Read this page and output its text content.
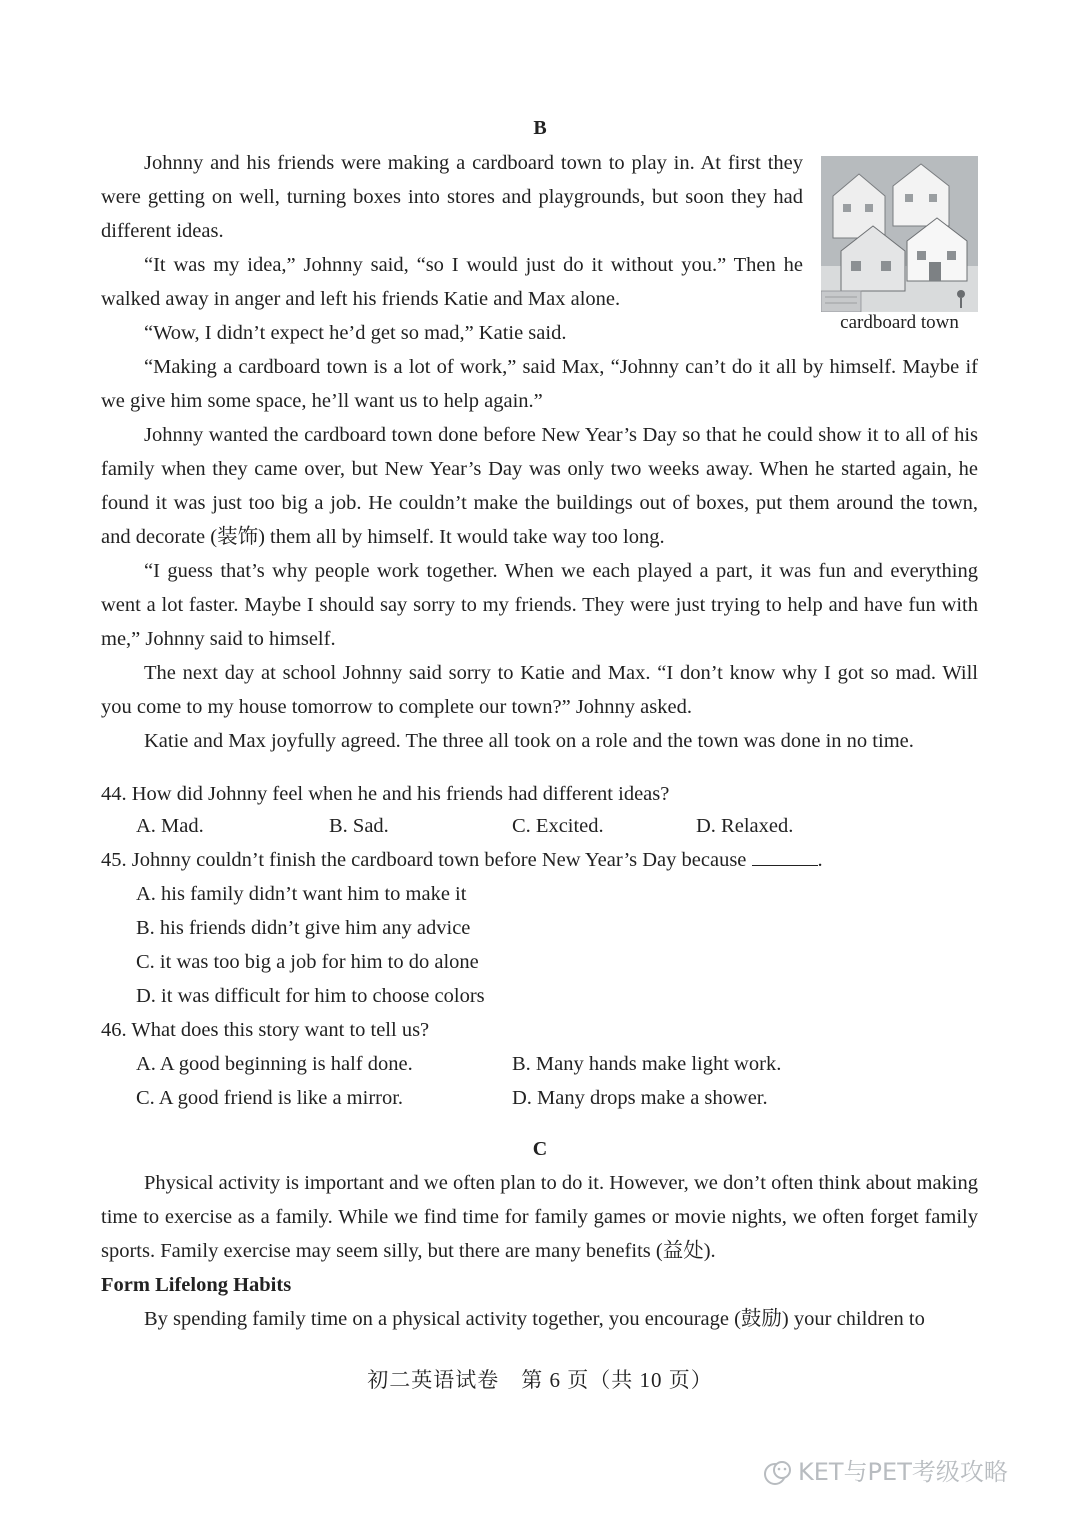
B

Johnny and his friends were making a cardboard town to play in. At first they were getting on well, turning boxes into stores and playgrounds, but soon they had different ideas.

“It was my idea,” Johnny said, “so I would just do it without you.” Then he walked away in anger and left his friends Katie and Max alone.

“Wow, I didn’t expect he’d get so mad,” Katie said.	cardboard town

“Making a cardboard town is a lot of work,” said Max, “Johnny can’t do it all by himself. Maybe if we give him some space, he’ll want us to help again.”

Johnny wanted the cardboard town done before New Year’s Day so that he could show it to all of his family when they came over, but New Year’s Day was only two weeks away. When he started again, he found it was just too big a job. He couldn’t make the buildings out of boxes, put them around the town, and decorate (装饰) them all by himself. It would take way too long.

“I guess that’s why people work together. When we each played a part, it was fun and everything went a lot faster. Maybe I should say sorry to my friends. They were just trying to help and have fun with me,” Johnny said to himself.

The next day at school Johnny said sorry to Katie and Max. “I don’t know why I got so mad. Will you come to my house tomorrow to complete our town?” Johnny asked.

Katie and Max joyfully agreed. The three all took on a role and the town was done in no time.

44. How did Johnny feel when he and his friends had different ideas?
A. Mad.	B. Sad.	C. Excited.	D. Relaxed.
45. Johnny couldn’t finish the cardboard town before New Year’s Day because	.
A. his family didn’t want him to make it
B. his friends didn’t give him any advice
C. it was too big a job for him to do alone
D. it was difficult for him to choose colors
46. What does this story want to tell us?
A. A good beginning is half done.	B. Many hands make light work.
C. A good friend is like a mirror.	D. Many drops make a shower.
C

Physical activity is important and we often plan to do it. However, we don’t often think about making time to exercise as a family. While we find time for family games or movie nights, we often forget family sports. Family exercise may seem silly, but there are many benefits (益处).

Form Lifelong Habits

By spending family time on a physical activity together, you encourage (鼓励) your children to

初二英语试卷　第 6 页（共 10 页）
KET与PET考级攻略
